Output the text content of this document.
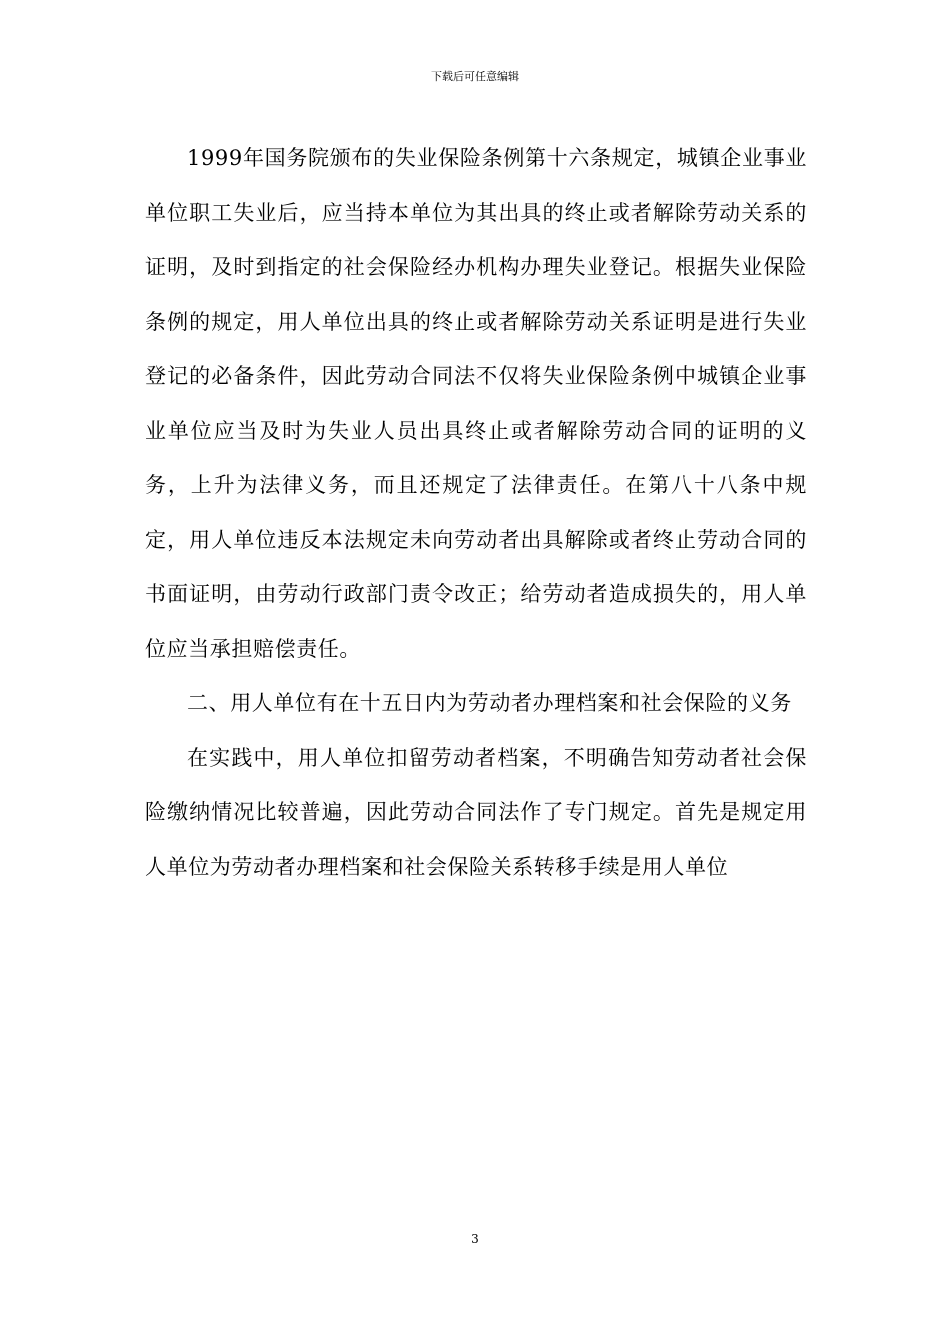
下载后可任意编辑

1999年国务院颁布的失业保险条例第十六条规定，城镇企业事业单位职工失业后，应当持本单位为其出具的终止或者解除劳动关系的证明，及时到指定的社会保险经办机构办理失业登记。根据失业保险条例的规定，用人单位出具的终止或者解除劳动关系证明是进行失业登记的必备条件，因此劳动合同法不仅将失业保险条例中城镇企业事业单位应当及时为失业人员出具终止或者解除劳动合同的证明的义务，上升为法律义务，而且还规定了法律责任。在第八十八条中规定，用人单位违反本法规定未向劳动者出具解除或者终止劳动合同的书面证明，由劳动行政部门责令改正；给劳动者造成损失的，用人单位应当承担赔偿责任。

二、用人单位有在十五日内为劳动者办理档案和社会保险的义务

在实践中，用人单位扣留劳动者档案，不明确告知劳动者社会保险缴纳情况比较普遍，因此劳动合同法作了专门规定。首先是规定用人单位为劳动者办理档案和社会保险关系转移手续是用人单位

3
